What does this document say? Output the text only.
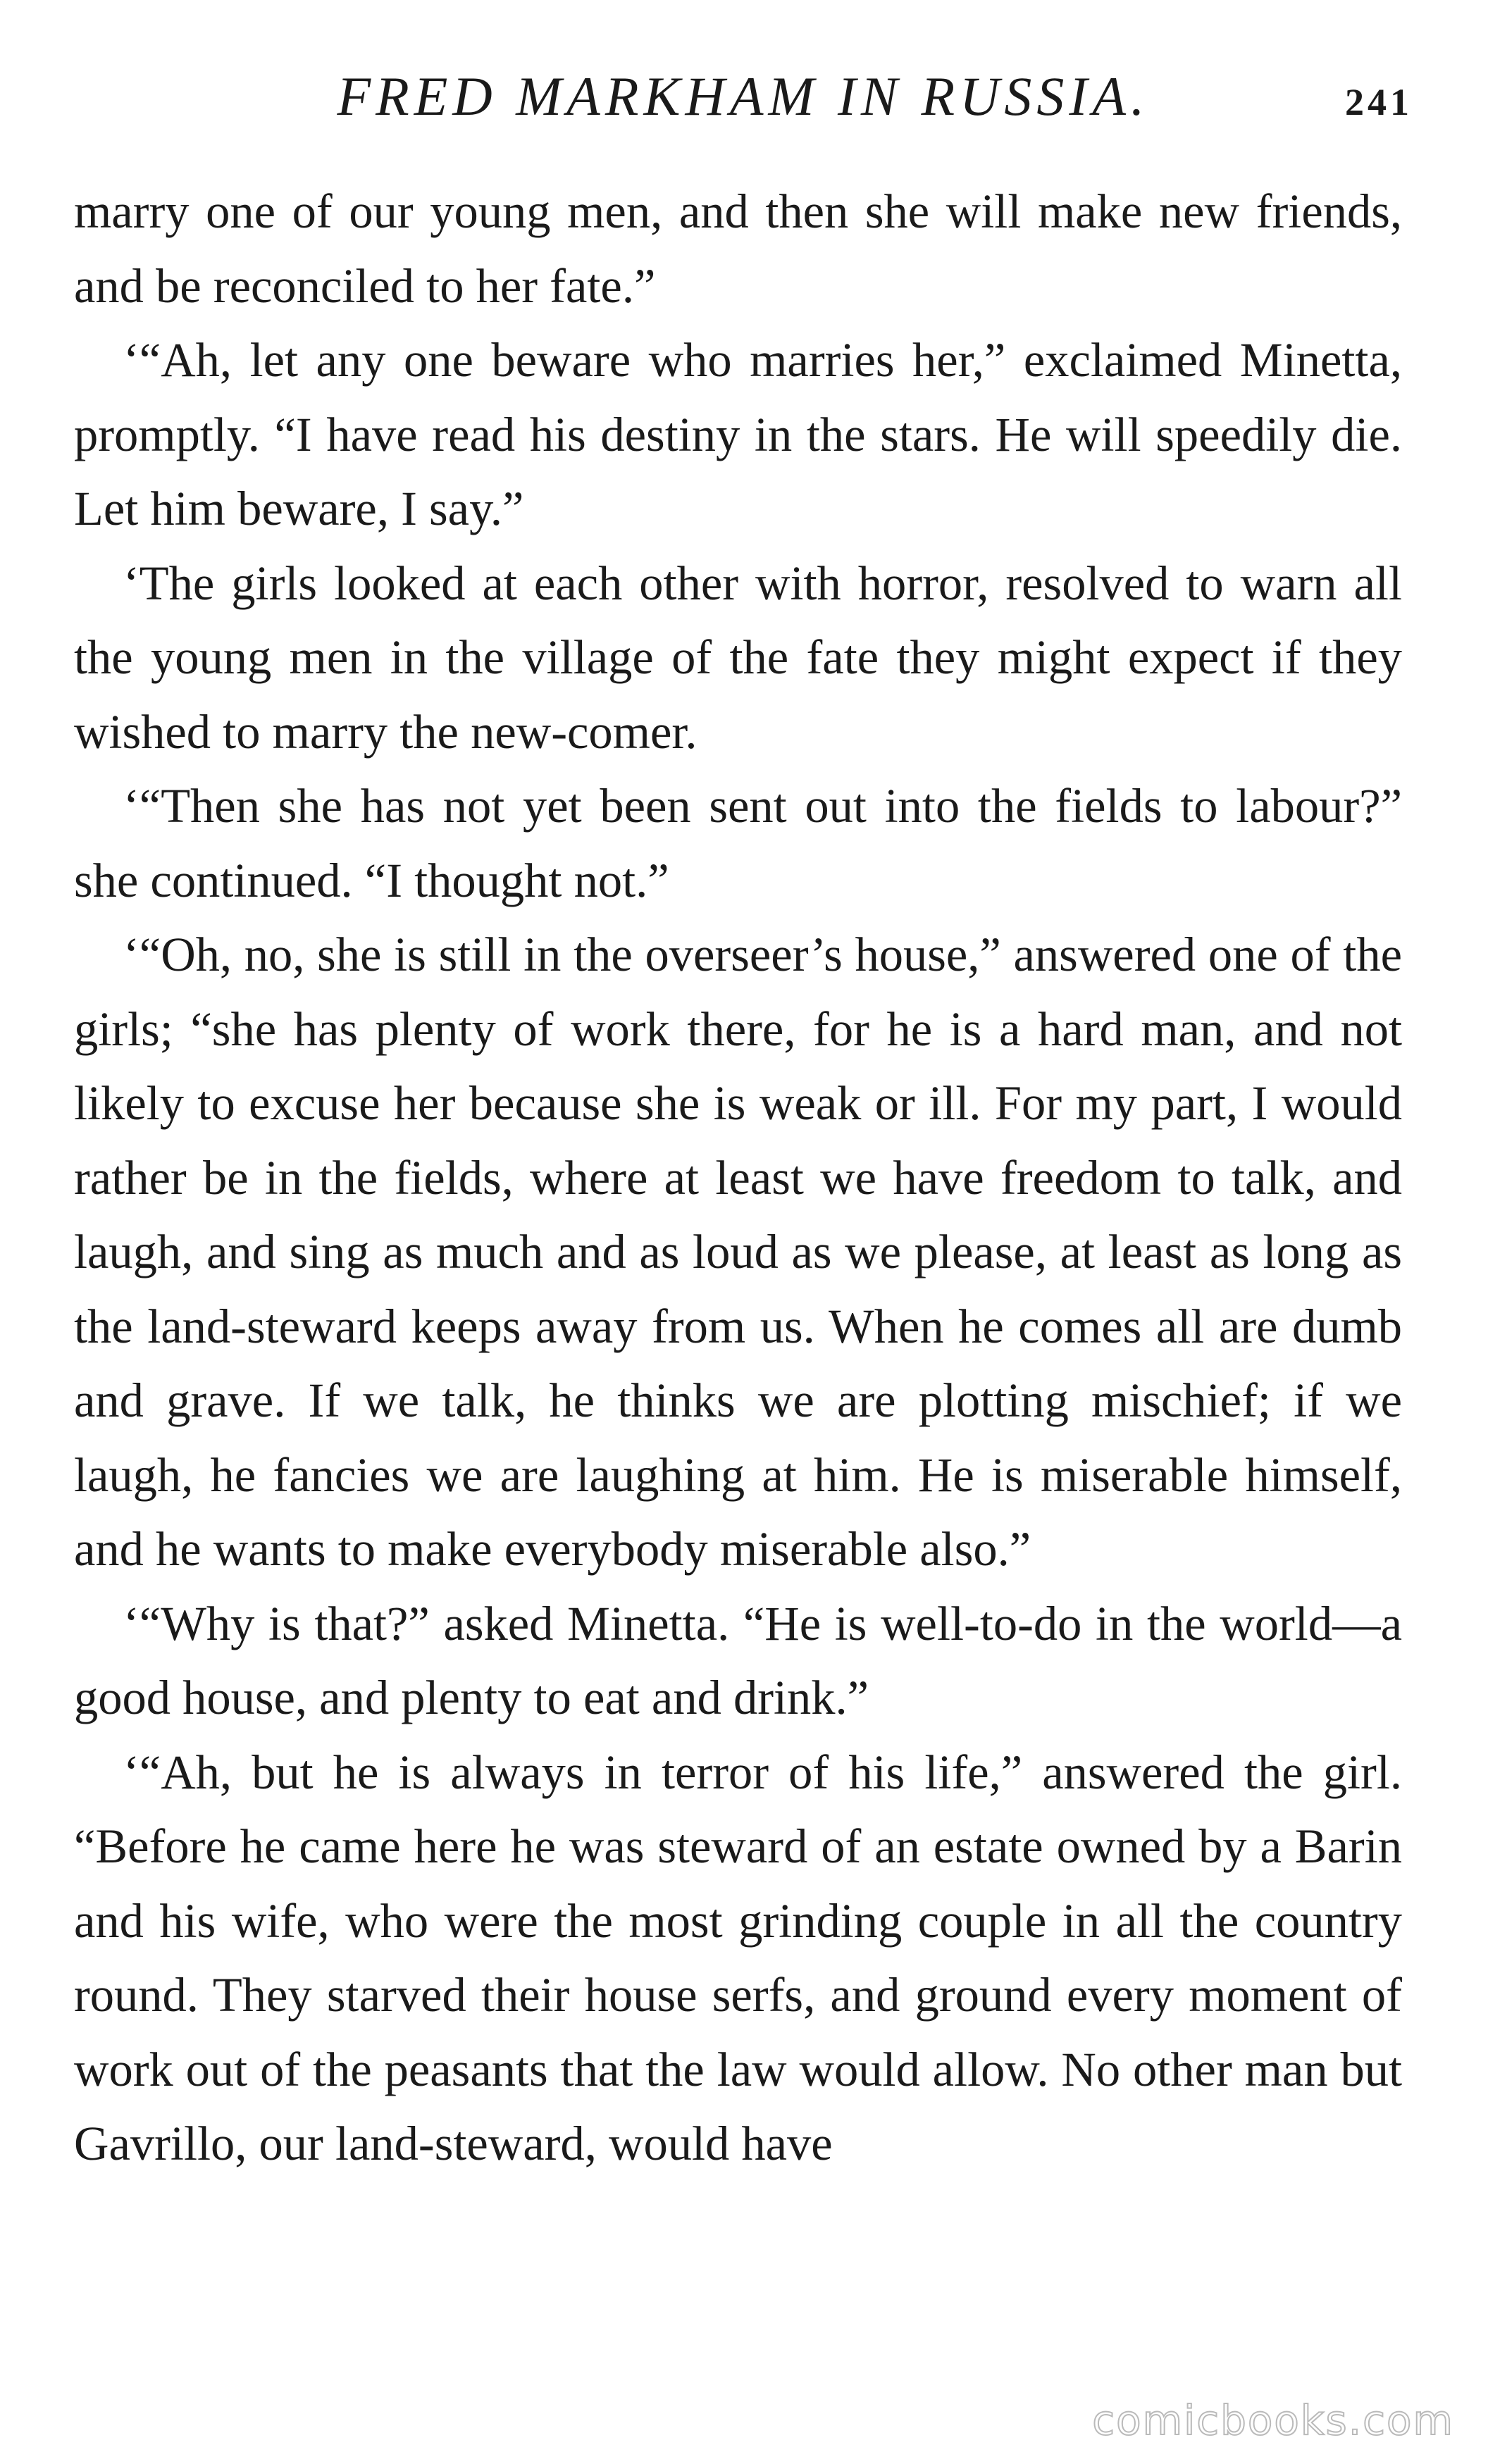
FRED MARKHAM IN RUSSIA.	241

marry one of our young men, and then she will make new friends, and be reconciled to her fate.”

‘“Ah, let any one beware who marries her,” exclaimed Minetta, promptly. “I have read his destiny in the stars. He will speedily die. Let him beware, I say.”

‘The girls looked at each other with horror, resolved to warn all the young men in the village of the fate they might expect if they wished to marry the new-comer.

‘“Then she has not yet been sent out into the fields to labour?” she continued. “I thought not.”

‘“Oh, no, she is still in the overseer’s house,” answered one of the girls; “she has plenty of work there, for he is a hard man, and not likely to excuse her because she is weak or ill. For my part, I would rather be in the fields, where at least we have freedom to talk, and laugh, and sing as much and as loud as we please, at least as long as the land-steward keeps away from us. When he comes all are dumb and grave. If we talk, he thinks we are plotting mischief; if we laugh, he fancies we are laughing at him. He is miserable himself, and he wants to make everybody miserable also.”

‘“Why is that?” asked Minetta. “He is well-to-do in the world—a good house, and plenty to eat and drink.”

‘“Ah, but he is always in terror of his life,” answered the girl. “Before he came here he was steward of an estate owned by a Barin and his wife, who were the most grinding couple in all the country round. They starved their house serfs, and ground every moment of work out of the peasants that the law would allow. No other man but Gavrillo, our land-steward, would have

comicbooks.com
